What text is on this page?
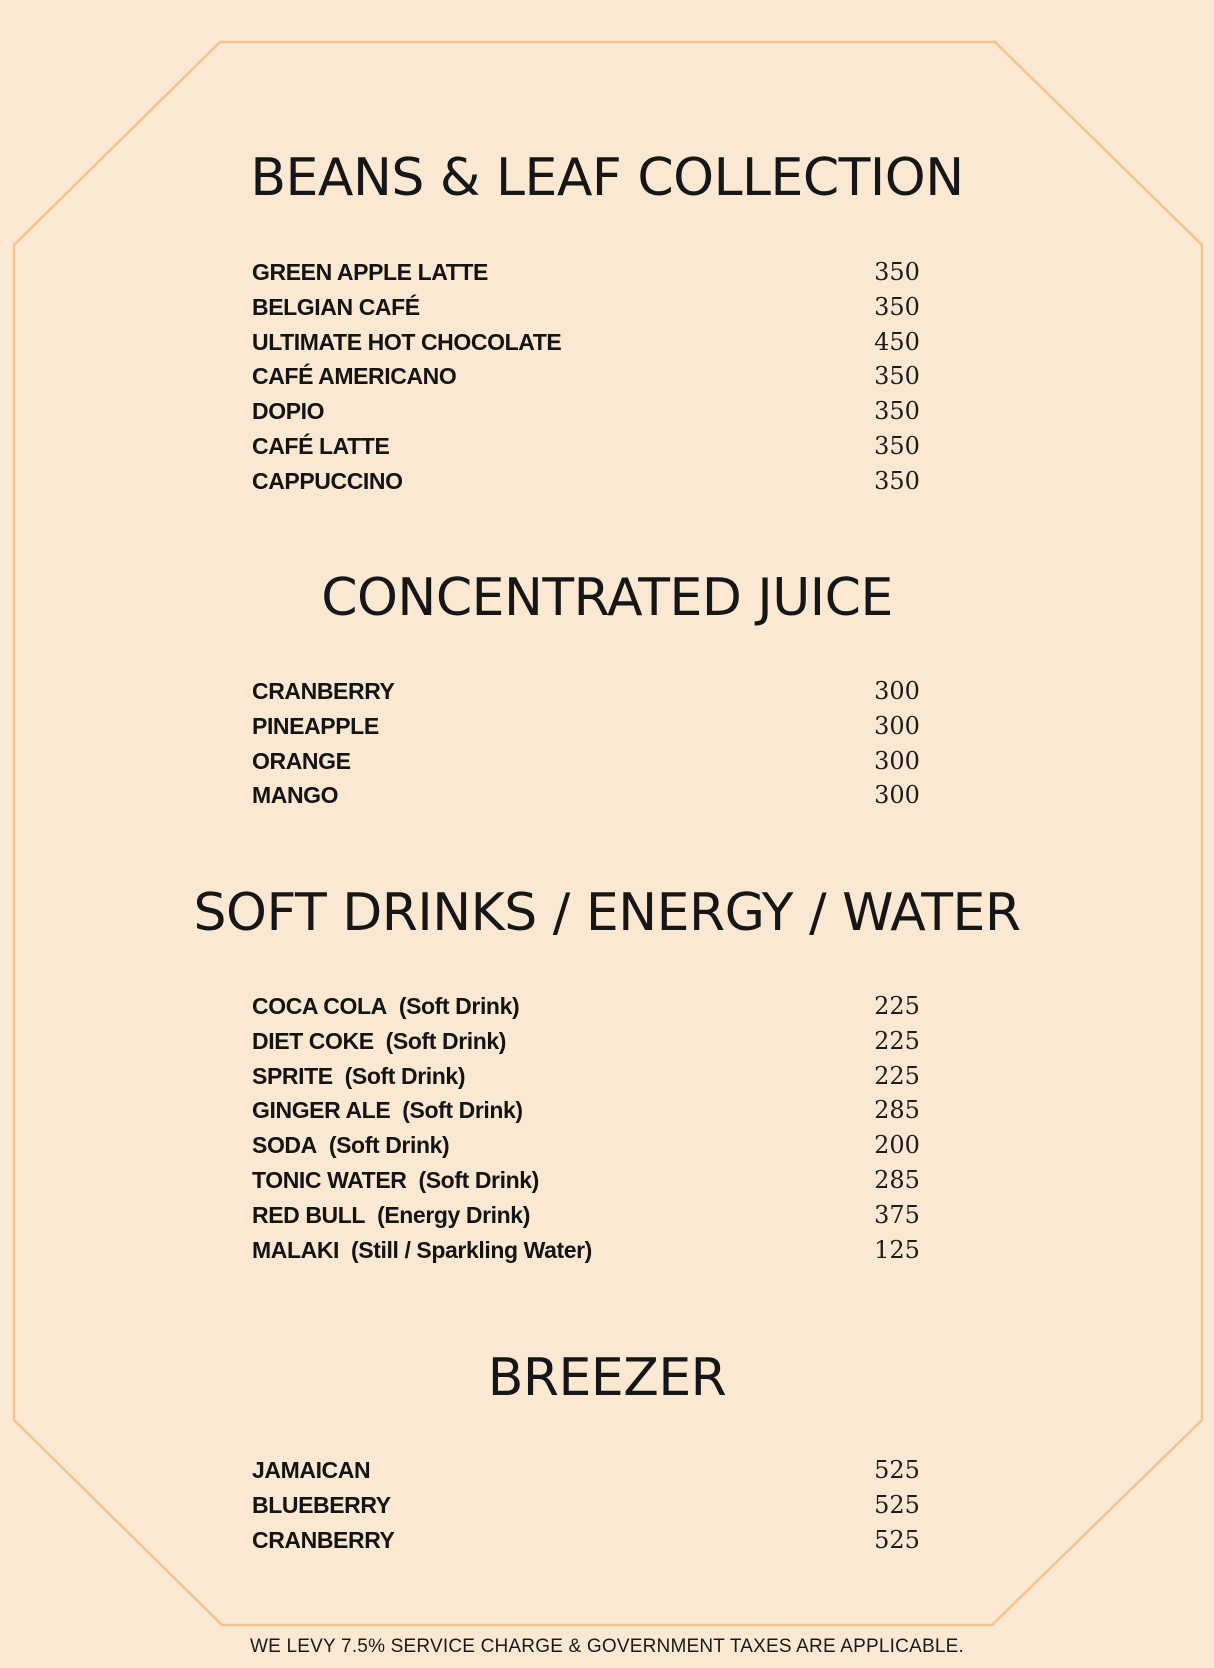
BEANS & LEAF COLLECTION
GREEN APPLE LATTE	350
BELGIAN CAFÉ	350
ULTIMATE HOT CHOCOLATE	450
CAFÉ AMERICANO	350
DOPIO	350
CAFÉ LATTE	350
CAPPUCCINO	350
CONCENTRATED JUICE
CRANBERRY	300
PINEAPPLE	300
ORANGE	300
MANGO	300
SOFT DRINKS / ENERGY / WATER
COCA COLA (Soft Drink)	225
DIET COKE (Soft Drink)	225
SPRITE (Soft Drink)	225
GINGER ALE (Soft Drink)	285
SODA (Soft Drink)	200
TONIC WATER (Soft Drink)	285
RED BULL (Energy Drink)	375
MALAKI (Still / Sparkling Water)	125
BREEZER
JAMAICAN	525
BLUEBERRY	525
CRANBERRY	525

WE LEVY 7.5% SERVICE CHARGE & GOVERNMENT TAXES ARE APPLICABLE.
